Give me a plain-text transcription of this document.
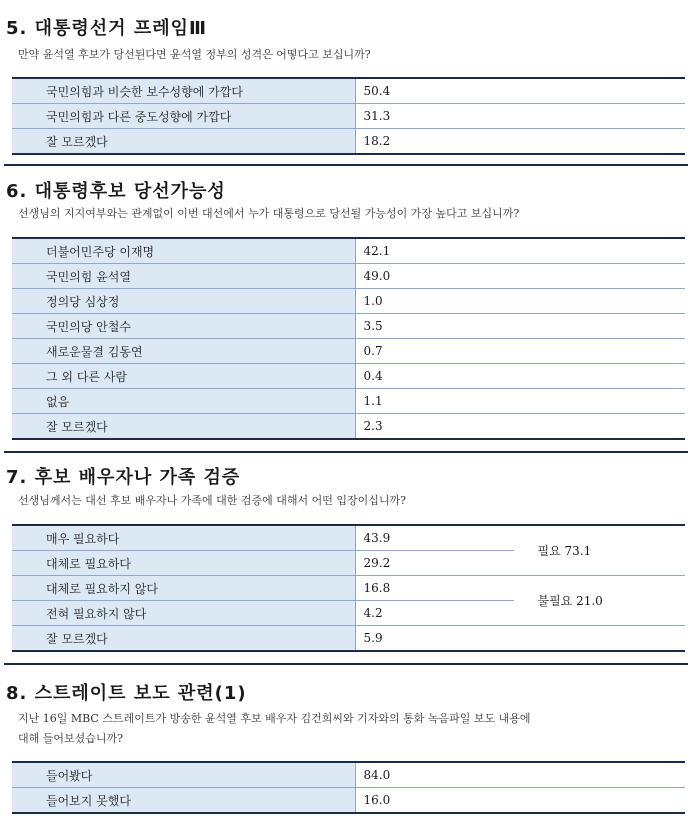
5. 대통령선거 프레임Ⅲ
만약 윤석열 후보가 당선된다면 윤석열 정부의 성격은 어떻다고 보십니까?
국민의힘과 비슷한 보수성향에 가깝다	50.4	
국민의힘과 다른 중도성향에 가깝다	31.3	
잘 모르겠다	18.2	
6. 대통령후보 당선가능성
선생님의 지지여부와는 관계없이 이번 대선에서 누가 대통령으로 당선될 가능성이 가장 높다고 보십니까?
더불어민주당 이재명	42.1	
국민의힘 윤석열	49.0	
정의당 심상정	1.0	
국민의당 안철수	3.5	
새로운물결 김동연	0.7	
그 외 다른 사람	0.4	
없음	1.1	
잘 모르겠다	2.3	
7. 후보 배우자나 가족 검증
선생님께서는 대선 후보 배우자나 가족에 대한 검증에 대해서 어떤 입장이십니까?
매우 필요하다	43.9	필요 73.1
대체로 필요하다	29.2	
대체로 필요하지 않다	16.8	불필요 21.0
전혀 필요하지 않다	4.2	
잘 모르겠다	5.9	
8. 스트레이트 보도 관련(1)
지난 16일 MBC 스트레이트가 방송한 윤석열 후보 배우자 김건희씨와 기자와의 통화 녹음파일 보도 내용에
대해 들어보셨습니까?
들어봤다	84.0	
들어보지 못했다	16.0	
